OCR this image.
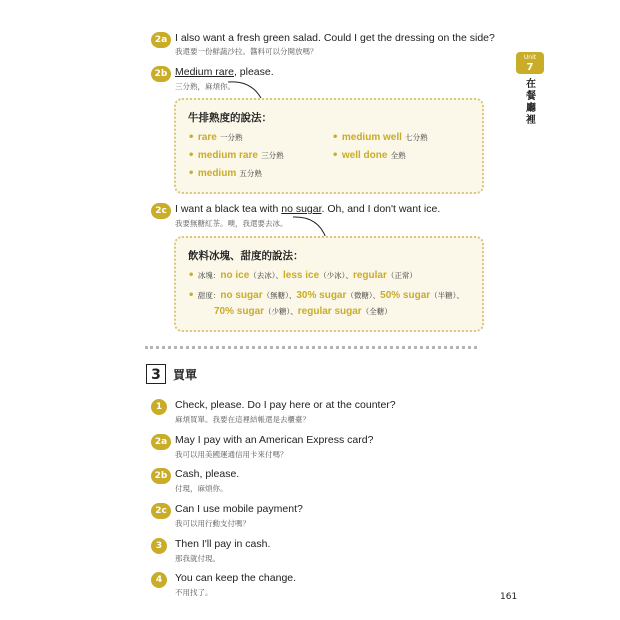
Unit
7
在餐廳裡
2a I also want a fresh green salad. Could I get the dressing on the side?
我還要一份鮮蔬沙拉。醬料可以分開放嗎？
2b Medium rare, please.
三分熟，麻煩你。
牛排熟度的說法：
• rare 一分熟	• medium well 七分熟
• medium rare 三分熟	• well done 全熟
• medium 五分熟
2c I want a black tea with no sugar. Oh, and I don't want ice.
我要無糖紅茶。噢，我還要去冰。
飲料冰塊、甜度的說法：
• 冰塊：no ice（去冰）、less ice（少冰）、regular（正常）
• 甜度：no sugar（無糖）、30% sugar（微糖）、50% sugar（半糖）、
70% sugar（少糖）、regular sugar（全糖）
3	買單
1	Check, please. Do I pay here or at the counter?
麻煩買單。我要在這裡結帳還是去櫃臺？
2a May I pay with an American Express card?
我可以用美國運通信用卡來付嗎？
2b Cash, please.
付現，麻煩你。
2c Can I use mobile payment?
我可以用行動支付嗎？
3	Then I'll pay in cash.
那我就付現。
4	You can keep the change.
不用找了。	161
